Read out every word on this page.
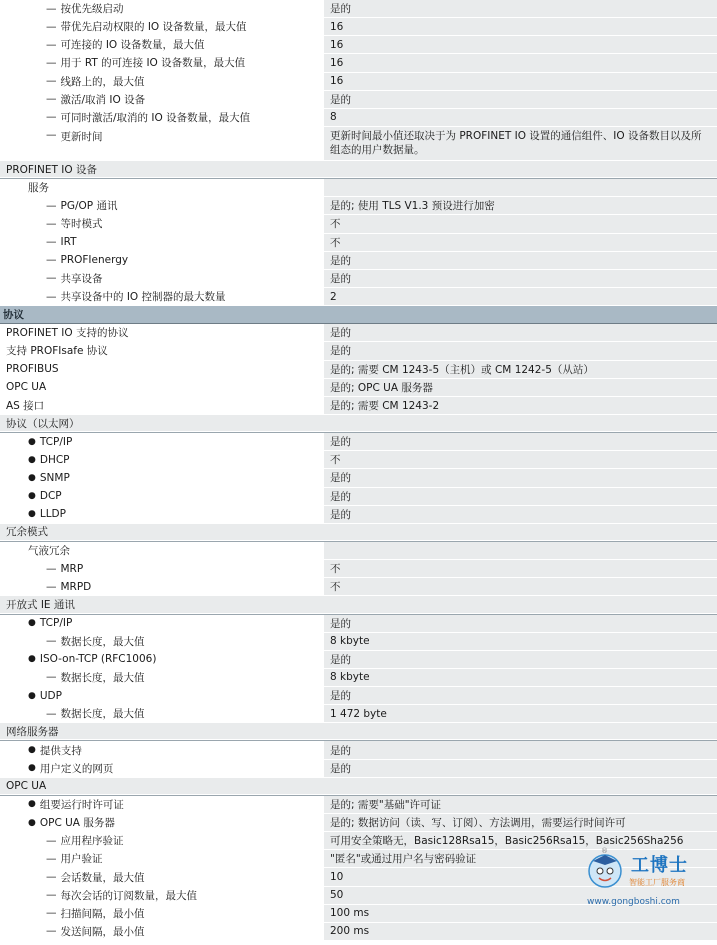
— 按优先级启动	是的
— 带优先启动权限的 IO 设备数量，最大值	16
— 可连接的 IO 设备数量，最大值	16
— 用于 RT 的可连接 IO 设备数量，最大值	16
— 线路上的，最大值	16
— 激活/取消 IO 设备	是的
— 可同时激活/取消的 IO 设备数量，最大值	8
— 更新时间	更新时间最小值还取决于为 PROFINET IO 设置的通信组件、IO 设备数目以及所组态的用户数据量。
PROFINET IO 设备
服务
— PG/OP 通讯	是的; 使用 TLS V1.3 预设进行加密
— 等时模式	不
— IRT	不
— PROFIenergy	是的
— 共享设备	是的
— 共享设备中的 IO 控制器的最大数量	2
协议
PROFINET IO 支持的协议	是的
支持 PROFIsafe 协议	是的
PROFIBUS	是的; 需要 CM 1243-5（主机）或 CM 1242-5（从站）
OPC UA	是的; OPC UA 服务器
AS 接口	是的; 需要 CM 1243-2
协议（以太网）
● TCP/IP	是的
● DHCP	不
● SNMP	是的
● DCP	是的
● LLDP	是的
冗余模式
气液冗余
— MRP	不
— MRPD	不
开放式 IE 通讯
● TCP/IP	是的
— 数据长度，最大值	8 kbyte
● ISO-on-TCP (RFC1006)	是的
— 数据长度，最大值	8 kbyte
● UDP	是的
— 数据长度，最大值	1 472 byte
网络服务器
● 提供支持	是的
● 用户定义的网页	是的
OPC UA
● 组要运行时许可证	是的; 需要"基础"许可证
● OPC UA 服务器	是的; 数据访问（读、写、订阅）、方法调用，需要运行时间许可
— 应用程序验证	可用安全策略无，Basic128Rsa15，Basic256Rsa15，Basic256Sha256
— 用户验证	"匿名"或通过用户名与密码验证
— 会话数量，最大值	10
— 每次会话的订阅数量，最大值	50
— 扫描间隔，最小值	100 ms
— 发送间隔，最小值	200 ms
®
工博士
智能工厂服务商
www.gongboshi.com
